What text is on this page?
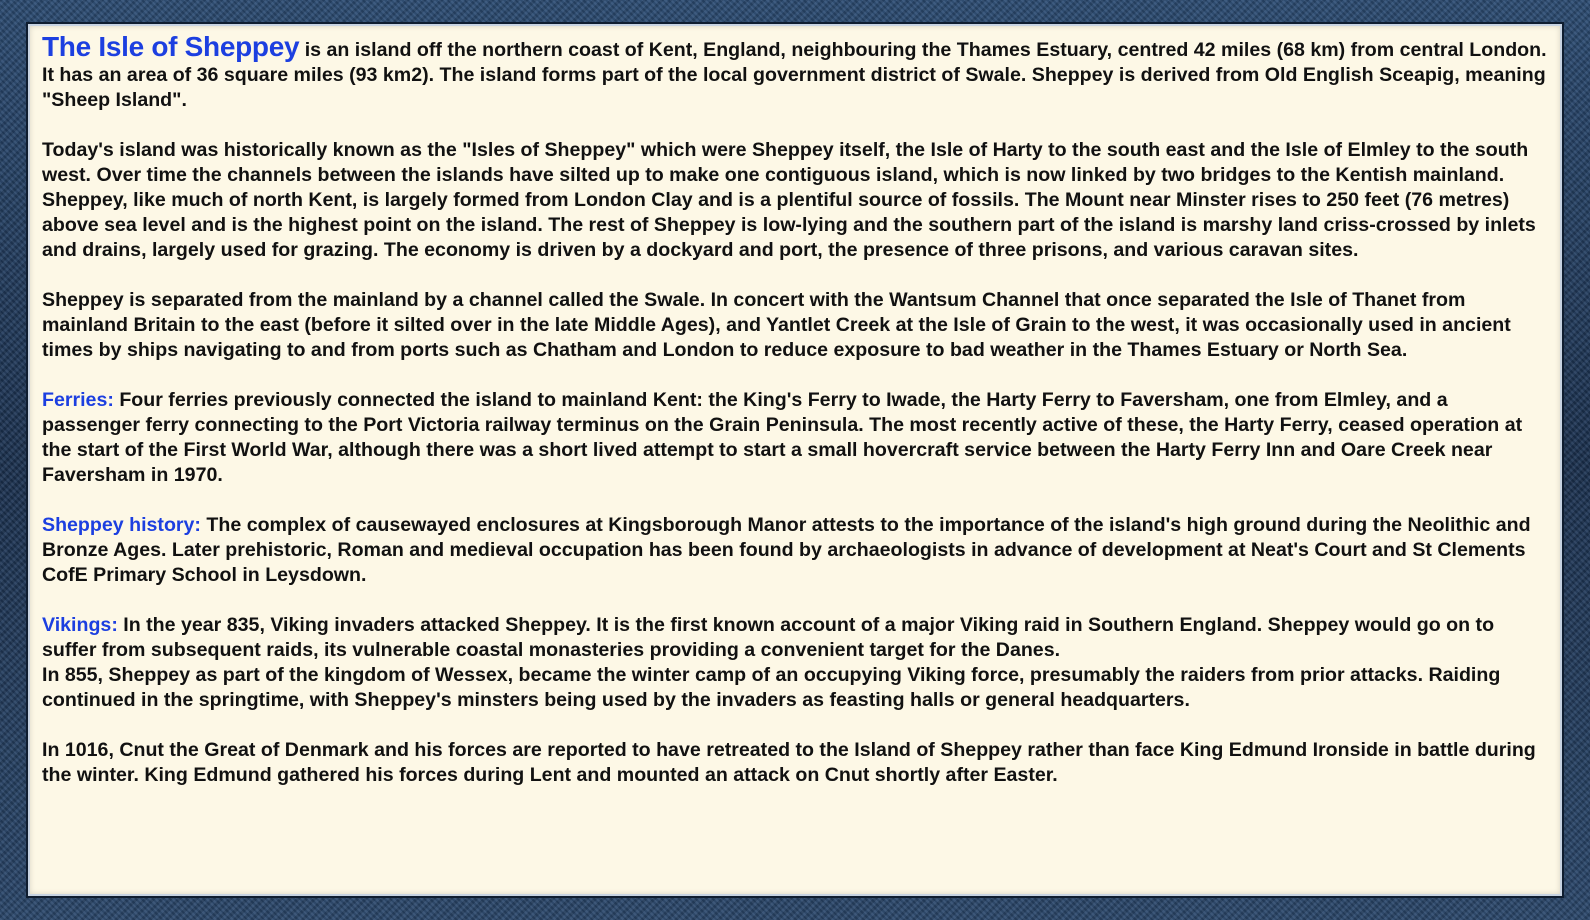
The Isle of Sheppey is an island off the northern coast of Kent, England, neighbouring the Thames Estuary, centred 42 miles (68 km) from central London. It has an area of 36 square miles (93 km2). The island forms part of the local government district of Swale. Sheppey is derived from Old English Sceapig, meaning "Sheep Island".

Today's island was historically known as the "Isles of Sheppey" which were Sheppey itself, the Isle of Harty to the south east and the Isle of Elmley to the south west. Over time the channels between the islands have silted up to make one contiguous island, which is now linked by two bridges to the Kentish mainland. Sheppey, like much of north Kent, is largely formed from London Clay and is a plentiful source of fossils. The Mount near Minster rises to 250 feet (76 metres) above sea level and is the highest point on the island. The rest of Sheppey is low-lying and the southern part of the island is marshy land criss-crossed by inlets and drains, largely used for grazing. The economy is driven by a dockyard and port, the presence of three prisons, and various caravan sites.

Sheppey is separated from the mainland by a channel called the Swale. In concert with the Wantsum Channel that once separated the Isle of Thanet from mainland Britain to the east (before it silted over in the late Middle Ages), and Yantlet Creek at the Isle of Grain to the west, it was occasionally used in ancient times by ships navigating to and from ports such as Chatham and London to reduce exposure to bad weather in the Thames Estuary or North Sea.

Ferries: Four ferries previously connected the island to mainland Kent: the King's Ferry to Iwade, the Harty Ferry to Faversham, one from Elmley, and a passenger ferry connecting to the Port Victoria railway terminus on the Grain Peninsula. The most recently active of these, the Harty Ferry, ceased operation at the start of the First World War, although there was a short lived attempt to start a small hovercraft service between the Harty Ferry Inn and Oare Creek near Faversham in 1970.

Sheppey history: The complex of causewayed enclosures at Kingsborough Manor attests to the importance of the island's high ground during the Neolithic and Bronze Ages. Later prehistoric, Roman and medieval occupation has been found by archaeologists in advance of development at Neat's Court and St Clements CofE Primary School in Leysdown.

Vikings: In the year 835, Viking invaders attacked Sheppey. It is the first known account of a major Viking raid in Southern England. Sheppey would go on to suffer from subsequent raids, its vulnerable coastal monasteries providing a convenient target for the Danes.
In 855, Sheppey as part of the kingdom of Wessex, became the winter camp of an occupying Viking force, presumably the raiders from prior attacks. Raiding continued in the springtime, with Sheppey's minsters being used by the invaders as feasting halls or general headquarters.

In 1016, Cnut the Great of Denmark and his forces are reported to have retreated to the Island of Sheppey rather than face King Edmund Ironside in battle during the winter. King Edmund gathered his forces during Lent and mounted an attack on Cnut shortly after Easter.
